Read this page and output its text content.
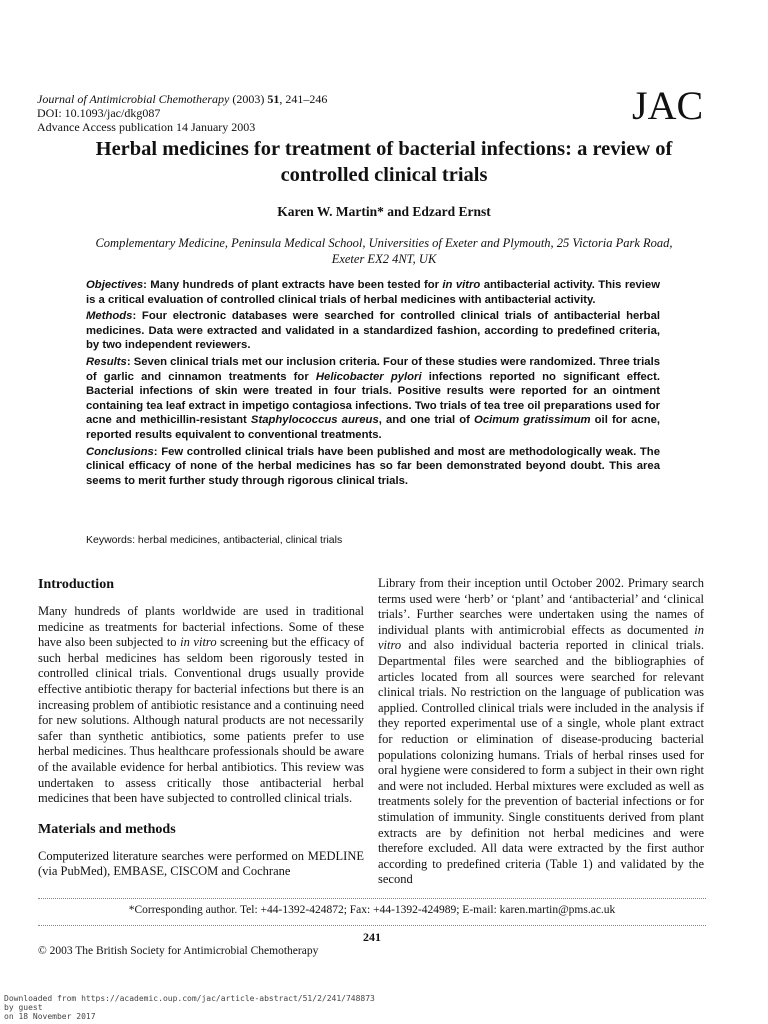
Journal of Antimicrobial Chemotherapy (2003) 51, 241–246
DOI: 10.1093/jac/dkg087
Advance Access publication 14 January 2003	JAC
Herbal medicines for treatment of bacterial infections: a review of
controlled clinical trials
Karen W. Martin* and Edzard Ernst
Complementary Medicine, Peninsula Medical School, Universities of Exeter and Plymouth, 25 Victoria Park Road,
Exeter EX2 4NT, UK

Objectives: Many hundreds of plant extracts have been tested for in vitro antibacterial activity. This review is a critical evaluation of controlled clinical trials of herbal medicines with antibacterial activity.

Methods: Four electronic databases were searched for controlled clinical trials of antibacterial herbal medicines. Data were extracted and validated in a standardized fashion, according to predefined criteria, by two independent reviewers.

Results: Seven clinical trials met our inclusion criteria. Four of these studies were randomized. Three trials of garlic and cinnamon treatments for Helicobacter pylori infections reported no significant effect. Bacterial infections of skin were treated in four trials. Positive results were reported for an ointment containing tea leaf extract in impetigo contagiosa infections. Two trials of tea tree oil preparations used for acne and methicillin-resistant Staphylococcus aureus, and one trial of Ocimum gratissimum oil for acne, reported results equivalent to conventional treatments.

Conclusions: Few controlled clinical trials have been published and most are methodologically weak. The clinical efficacy of none of the herbal medicines has so far been demonstrated beyond doubt. This area seems to merit further study through rigorous clinical trials.

Keywords: herbal medicines, antibacterial, clinical trials
Introduction

Many hundreds of plants worldwide are used in traditional medicine as treatments for bacterial infections. Some of these have also been subjected to in vitro screening but the efficacy of such herbal medicines has seldom been rigorously tested in controlled clinical trials. Conventional drugs usually provide effective antibiotic therapy for bacterial infections but there is an increasing problem of antibiotic resistance and a continuing need for new solutions. Although natural products are not necessarily safer than synthetic antibiotics, some patients prefer to use herbal medicines. Thus healthcare professionals should be aware of the available evidence for herbal antibiotics. This review was undertaken to assess critically those antibacterial herbal medicines that been have subjected to controlled clinical trials.

Materials and methods

Computerized literature searches were performed on MEDLINE (via PubMed), EMBASE, CISCOM and Cochrane

Library from their inception until October 2002. Primary search terms used were ‘herb’ or ‘plant’ and ‘antibacterial’ and ‘clinical trials’. Further searches were undertaken using the names of individual plants with antimicrobial effects as documented in vitro and also individual bacteria reported in clinical trials. Departmental files were searched and the bibliographies of articles located from all sources were searched for relevant clinical trials. No restriction on the language of publication was applied. Controlled clinical trials were included in the analysis if they reported experimental use of a single, whole plant extract for reduction or elimination of disease-producing bacterial populations colonizing humans. Trials of herbal rinses used for oral hygiene were considered to form a subject in their own right and were not included. Herbal mixtures were excluded as well as treatments solely for the prevention of bacterial infections or for stimulation of immunity. Single constituents derived from plant extracts are by definition not herbal medicines and were therefore excluded. All data were extracted by the first author according to predefined criteria (Table 1) and validated by the second

*Corresponding author. Tel: +44-1392-424872; Fax: +44-1392-424989; E-mail: karen.martin@pms.ac.uk
241
© 2003 The British Society for Antimicrobial Chemotherapy
Downloaded from https://academic.oup.com/jac/article-abstract/51/2/241/748873
by guest
on 18 November 2017
